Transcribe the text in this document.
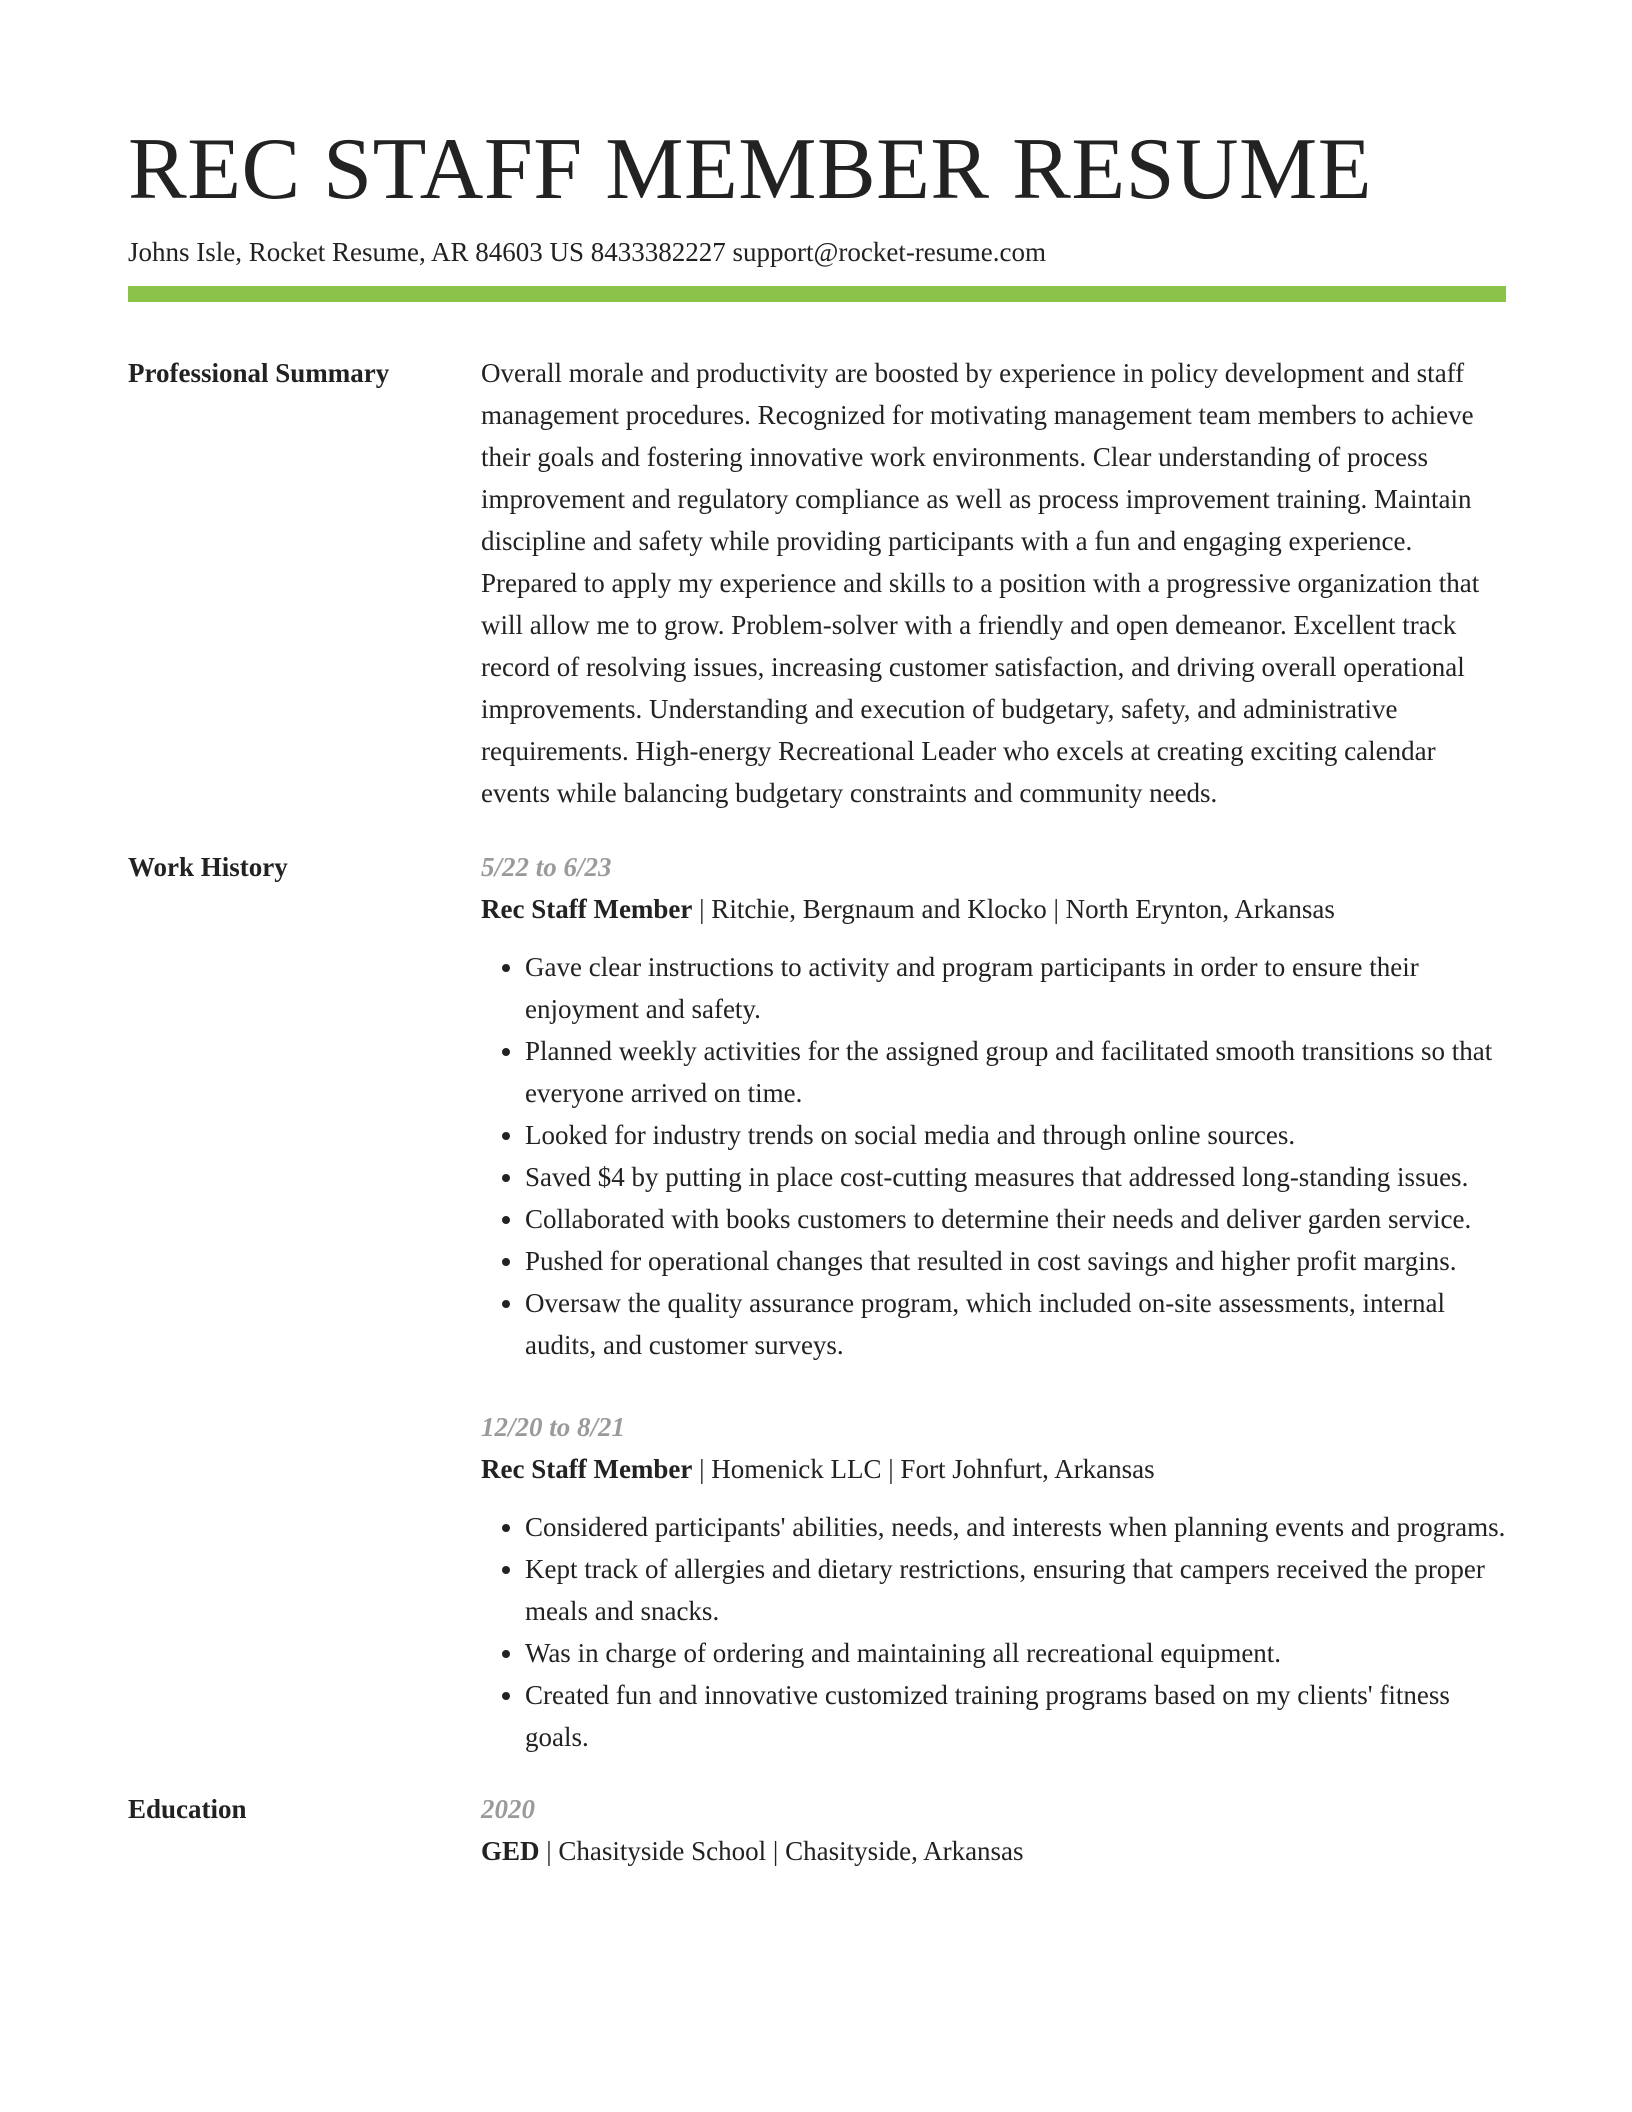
REC STAFF MEMBER RESUME
Johns Isle, Rocket Resume, AR 84603 US 8433382227 support@rocket-resume.com
Professional Summary	Overall morale and productivity are boosted by experience in policy development and staff management procedures. Recognized for motivating management team members to achieve their goals and fostering innovative work environments. Clear understanding of process improvement and regulatory compliance as well as process improvement training. Maintain discipline and safety while providing participants with a fun and engaging experience. Prepared to apply my experience and skills to a position with a progressive organization that will allow me to grow. Problem-solver with a friendly and open demeanor. Excellent track record of resolving issues, increasing customer satisfaction, and driving overall operational improvements. Understanding and execution of budgetary, safety, and administrative requirements. High-energy Recreational Leader who excels at creating exciting calendar events while balancing budgetary constraints and community needs.
Work History	5/22 to 6/23
Rec Staff Member | Ritchie, Bergnaum and Klocko | North Erynton, Arkansas
• Gave clear instructions to activity and program participants in order to ensure their enjoyment and safety.
• Planned weekly activities for the assigned group and facilitated smooth transitions so that everyone arrived on time.
• Looked for industry trends on social media and through online sources.
• Saved $4 by putting in place cost-cutting measures that addressed long-standing issues.
• Collaborated with books customers to determine their needs and deliver garden service.
• Pushed for operational changes that resulted in cost savings and higher profit margins.
• Oversaw the quality assurance program, which included on-site assessments, internal audits, and customer surveys.
12/20 to 8/21
Rec Staff Member | Homenick LLC | Fort Johnfurt, Arkansas
• Considered participants' abilities, needs, and interests when planning events and programs.
• Kept track of allergies and dietary restrictions, ensuring that campers received the proper meals and snacks.
• Was in charge of ordering and maintaining all recreational equipment.
• Created fun and innovative customized training programs based on my clients' fitness goals.
Education	2020
GED | Chasityside School | Chasityside, Arkansas
